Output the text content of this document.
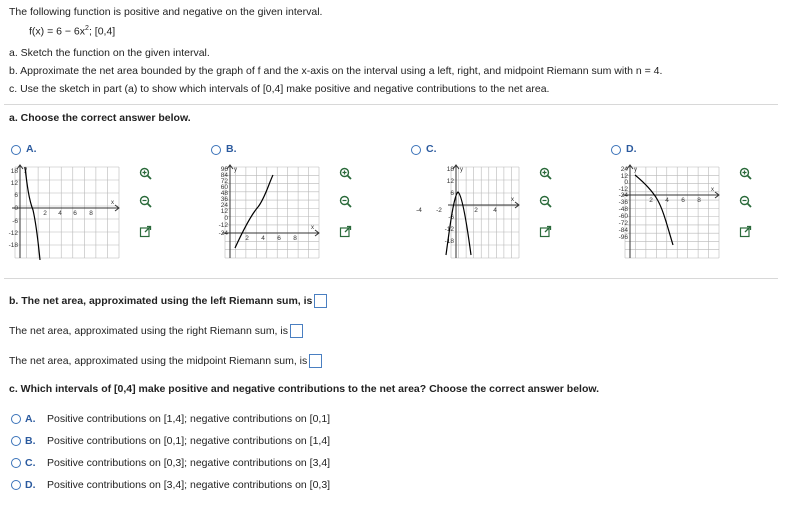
The following function is positive and negative on the given interval.
$f(x) = 6 - 6x^2$; [0,4]
a. Sketch the function on the given interval.
b. Approximate the net area bounded by the graph of f and the x-axis on the interval using a left, right, and midpoint Riemann sum with n = 4.
c. Use the sketch in part (a) to show which intervals of [0,4] make positive and negative contributions to the net area.
a. Choose the correct answer below.
A.
x
y
18
12
6
0
-6
-12
-18
2 4 6 8
B.
x
y
96
84
72
60
48
36
24
12
0
-12
-24
2 4 6 8
C.
x
y
18
12
6
-6
-12
-18
-4 -2	2 4
D.
x
y
24
12
0
-12
-24
-36
-48
-60
-72
-84
-96
2 4 6 8
b. The net area, approximated using the left Riemann sum, is
The net area, approximated using the right Riemann sum, is
The net area, approximated using the midpoint Riemann sum, is
c. Which intervals of [0,4] make positive and negative contributions to the net area? Choose the correct answer below.
A. Positive contributions on [1,4]; negative contributions on [0,1]
B. Positive contributions on [0,1]; negative contributions on [1,4]
C. Positive contributions on [0,3]; negative contributions on [3,4]
D. Positive contributions on [3,4]; negative contributions on [0,3]
